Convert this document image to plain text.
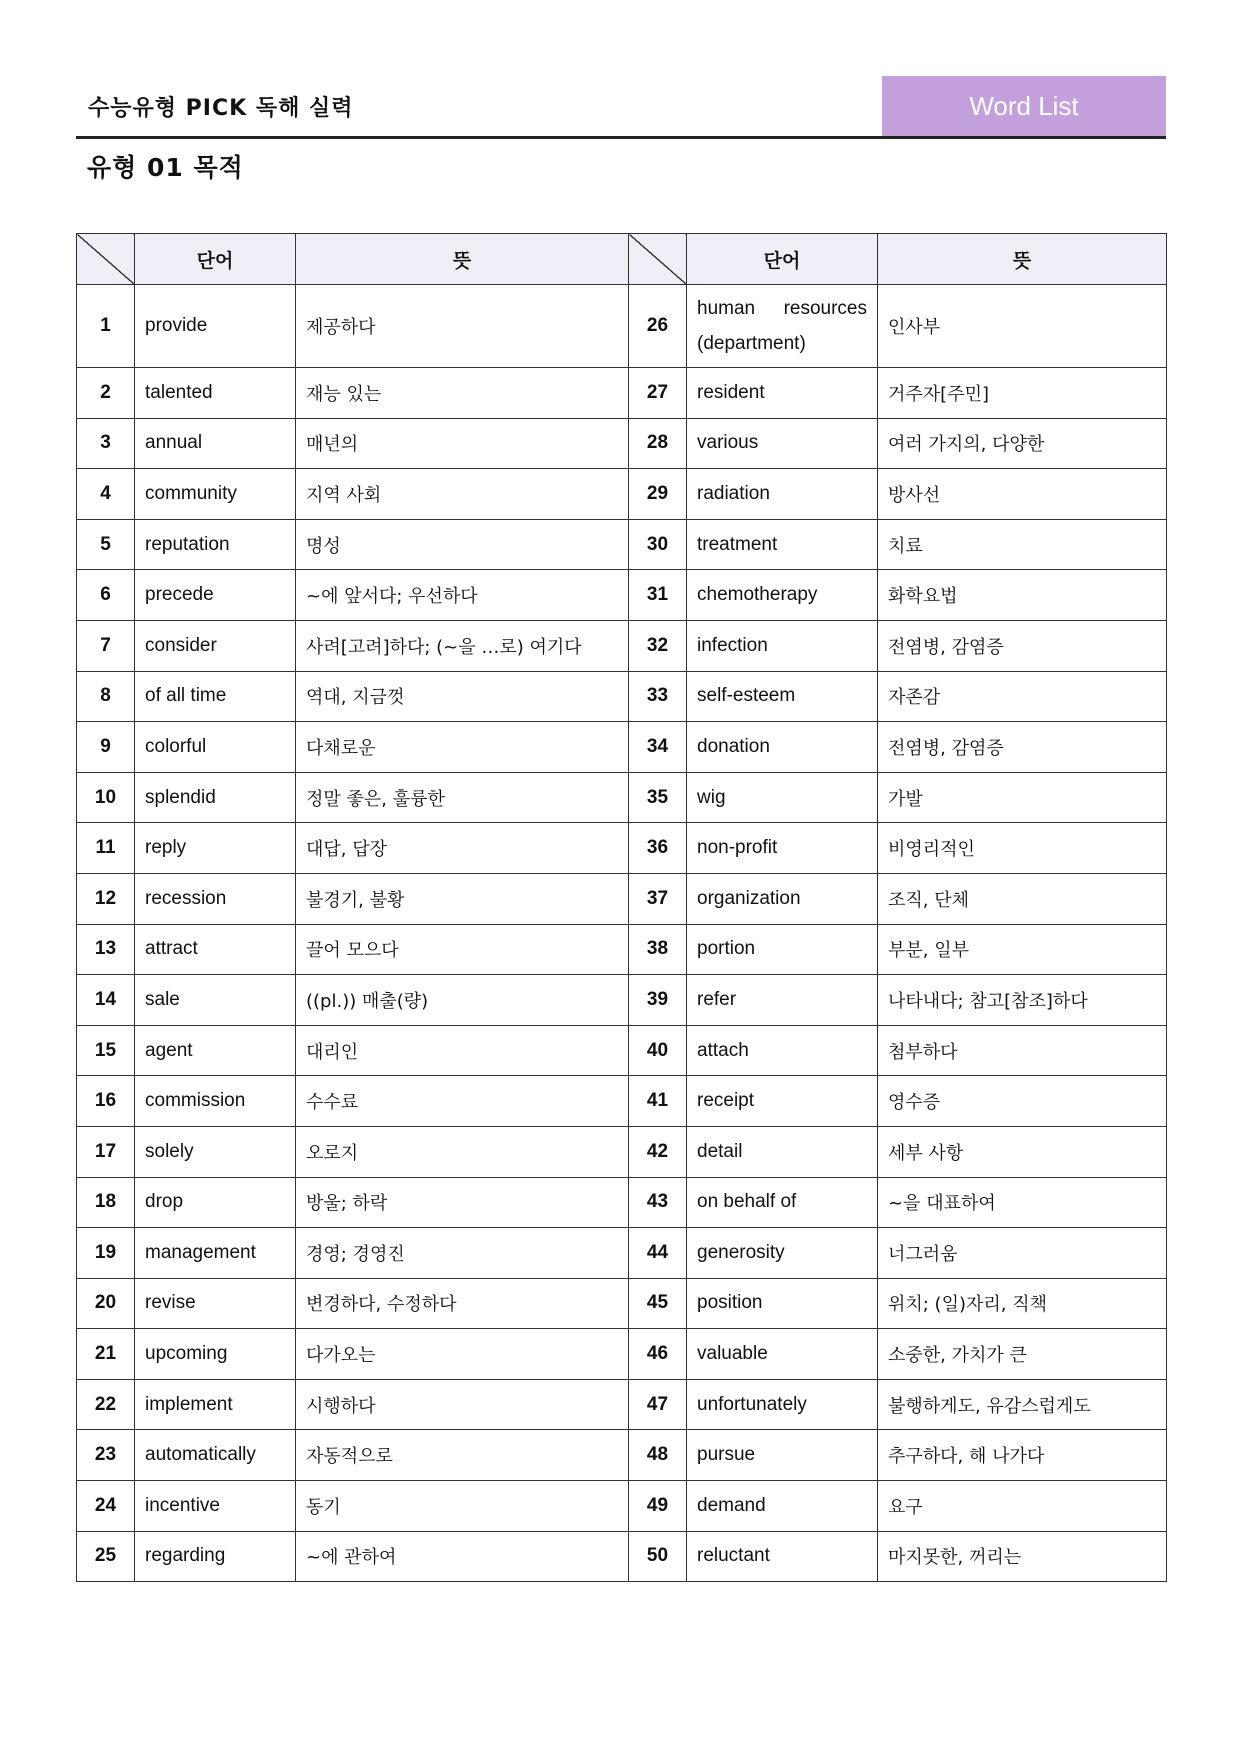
수능유형 PICK 독해 실력	Word List
유형 01 목적
	단어	뜻		단어	뜻
1	provide	제공하다	26	human resources (department)	인사부
2	talented	재능 있는	27	resident	거주자[주민]
3	annual	매년의	28	various	여러 가지의, 다양한
4	community	지역 사회	29	radiation	방사선
5	reputation	명성	30	treatment	치료
6	precede	~에 앞서다; 우선하다	31	chemotherapy	화학요법
7	consider	사려[고려]하다; (~을 …로) 여기다	32	infection	전염병, 감염증
8	of all time	역대, 지금껏	33	self-esteem	자존감
9	colorful	다채로운	34	donation	전염병, 감염증
10	splendid	정말 좋은, 훌륭한	35	wig	가발
11	reply	대답, 답장	36	non-profit	비영리적인
12	recession	불경기, 불황	37	organization	조직, 단체
13	attract	끌어 모으다	38	portion	부분, 일부
14	sale	((pl.)) 매출(량)	39	refer	나타내다; 참고[참조]하다
15	agent	대리인	40	attach	첨부하다
16	commission	수수료	41	receipt	영수증
17	solely	오로지	42	detail	세부 사항
18	drop	방울; 하락	43	on behalf of	~을 대표하여
19	management	경영; 경영진	44	generosity	너그러움
20	revise	변경하다, 수정하다	45	position	위치; (일)자리, 직책
21	upcoming	다가오는	46	valuable	소중한, 가치가 큰
22	implement	시행하다	47	unfortunately	불행하게도, 유감스럽게도
23	automatically	자동적으로	48	pursue	추구하다, 해 나가다
24	incentive	동기	49	demand	요구
25	regarding	~에 관하여	50	reluctant	마지못한, 꺼리는
